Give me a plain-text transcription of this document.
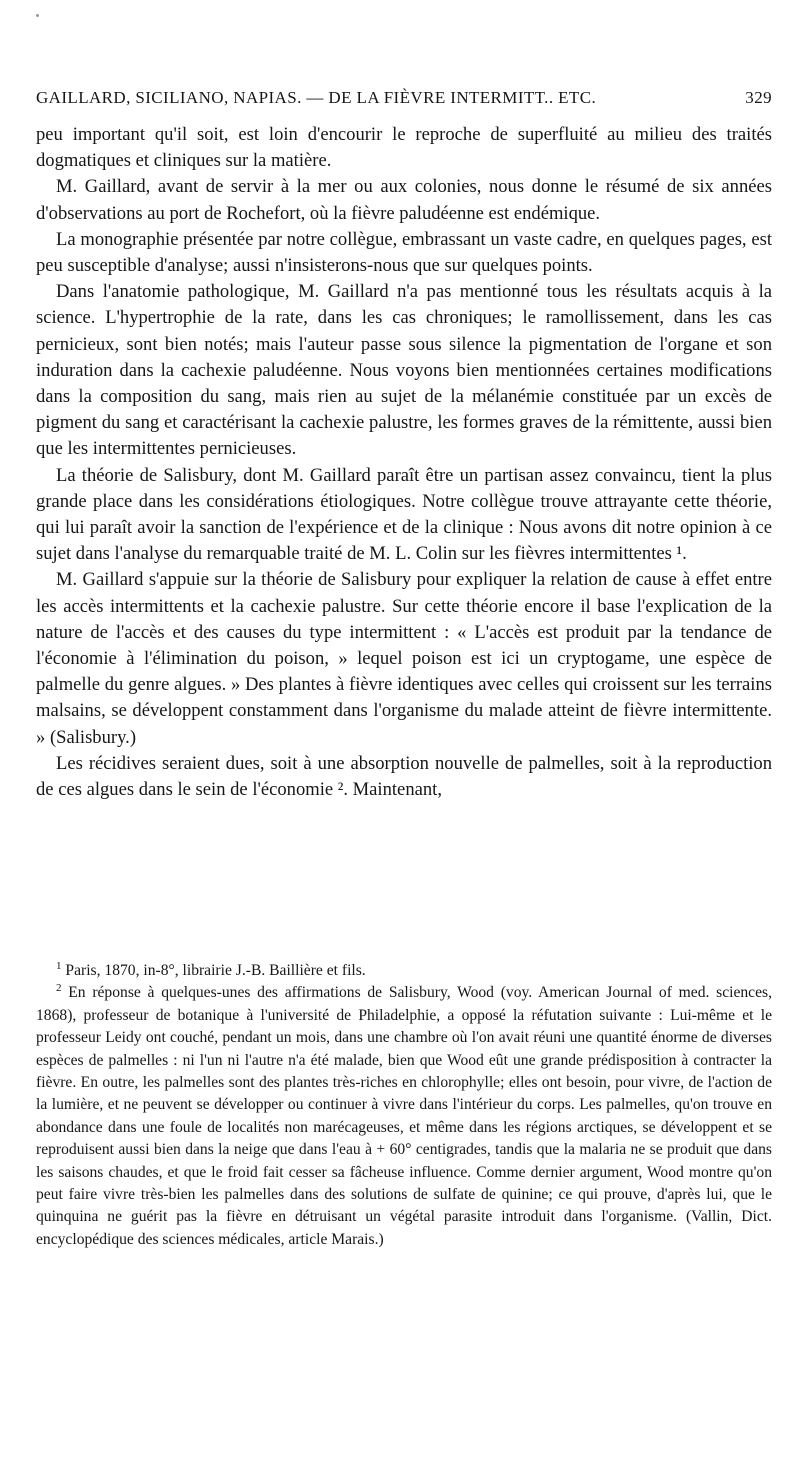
GAILLARD, SICILIANO, NAPIAS. — DE LA FIÈVRE INTERMITT.. ETC.	329

peu important qu'il soit, est loin d'encourir le reproche de superfluité au milieu des traités dogmatiques et cliniques sur la matière.

M. Gaillard, avant de servir à la mer ou aux colonies, nous donne le résumé de six années d'observations au port de Rochefort, où la fièvre paludéenne est endémique.

La monographie présentée par notre collègue, embrassant un vaste cadre, en quelques pages, est peu susceptible d'analyse; aussi n'insisterons-nous que sur quelques points.

Dans l'anatomie pathologique, M. Gaillard n'a pas mentionné tous les résultats acquis à la science. L'hypertrophie de la rate, dans les cas chroniques; le ramollissement, dans les cas pernicieux, sont bien notés; mais l'auteur passe sous silence la pigmentation de l'organe et son induration dans la cachexie paludéenne. Nous voyons bien mentionnées certaines modifications dans la composition du sang, mais rien au sujet de la mélanémie constituée par un excès de pigment du sang et caractérisant la cachexie palustre, les formes graves de la rémittente, aussi bien que les intermittentes pernicieuses.

La théorie de Salisbury, dont M. Gaillard paraît être un partisan assez convaincu, tient la plus grande place dans les considérations étiologiques. Notre collègue trouve attrayante cette théorie, qui lui paraît avoir la sanction de l'expérience et de la clinique : Nous avons dit notre opinion à ce sujet dans l'analyse du remarquable traité de M. L. Colin sur les fièvres intermittentes ¹.

M. Gaillard s'appuie sur la théorie de Salisbury pour expliquer la relation de cause à effet entre les accès intermittents et la cachexie palustre. Sur cette théorie encore il base l'explication de la nature de l'accès et des causes du type intermittent : « L'accès est produit par la tendance de l'économie à l'élimination du poison, » lequel poison est ici un cryptogame, une espèce de palmelle du genre algues. » Des plantes à fièvre identiques avec celles qui croissent sur les terrains malsains, se développent constamment dans l'organisme du malade atteint de fièvre intermittente. » (Salisbury.)

Les récidives seraient dues, soit à une absorption nouvelle de palmelles, soit à la reproduction de ces algues dans le sein de l'économie ². Maintenant,

$^1$ Paris, 1870, in-8°, librairie J.-B. Baillière et fils.

$^2$ En réponse à quelques-unes des affirmations de Salisbury, Wood (voy. American Journal of med. sciences, 1868), professeur de botanique à l'université de Philadelphie, a opposé la réfutation suivante : Lui-même et le professeur Leidy ont couché, pendant un mois, dans une chambre où l'on avait réuni une quantité énorme de diverses espèces de palmelles : ni l'un ni l'autre n'a été malade, bien que Wood eût une grande prédisposition à contracter la fièvre. En outre, les palmelles sont des plantes très-riches en chlorophylle; elles ont besoin, pour vivre, de l'action de la lumière, et ne peuvent se développer ou continuer à vivre dans l'intérieur du corps. Les palmelles, qu'on trouve en abondance dans une foule de localités non marécageuses, et même dans les régions arctiques, se développent et se reproduisent aussi bien dans la neige que dans l'eau à + 60° centigrades, tandis que la malaria ne se produit que dans les saisons chaudes, et que le froid fait cesser sa fâcheuse influence. Comme dernier argument, Wood montre qu'on peut faire vivre très-bien les palmelles dans des solutions de sulfate de quinine; ce qui prouve, d'après lui, que le quinquina ne guérit pas la fièvre en détruisant un végétal parasite introduit dans l'organisme. (Vallin, Dict. encyclopédique des sciences médicales, article Marais.)
